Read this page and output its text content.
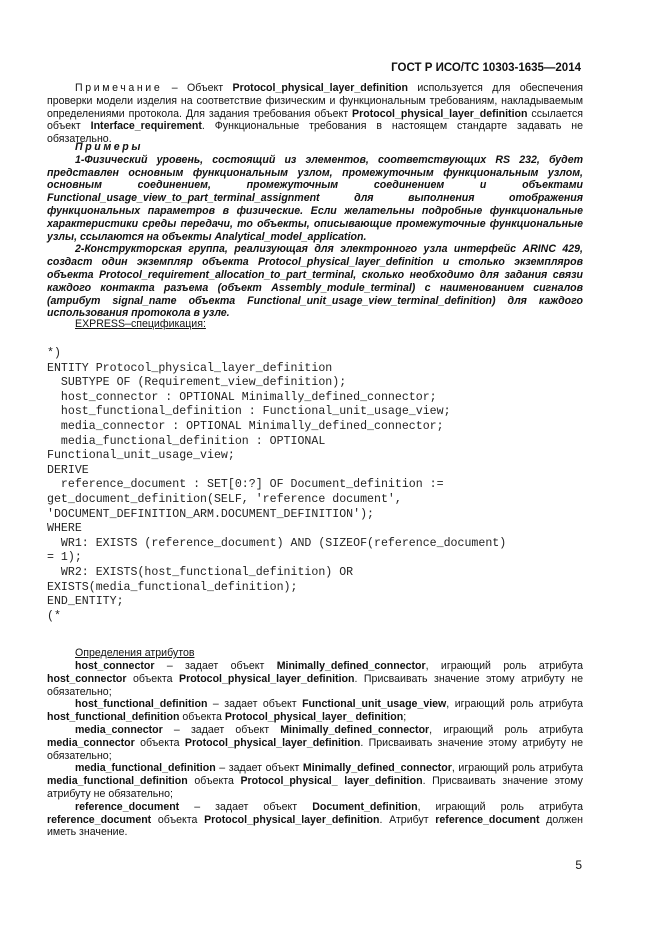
ГОСТ Р ИСО/ТС 10303-1635—2014
Примечание – Объект Protocol_physical_layer_definition используется для обеспечения проверки модели изделия на соответствие физическим и функциональным требованиям, накладываемым определениями протокола. Для задания требования объект Protocol_physical_layer_definition ссылается объект Interface_requirement. Функциональные требования в настоящем стандарте задавать не обязательно.

Примеры

1-Физический уровень, состоящий из элементов, соответствующих RS 232, будет представлен основным функциональным узлом, промежуточным функциональным узлом, основным соединением, промежуточным соединением и объектами Functional_usage_view_to_part_terminal_assignment для выполнения отображения функциональных параметров в физические. Если желательны подробные функциональные характеристики среды передачи, то объекты, описывающие промежуточные функциональные узлы, ссылаются на объекты Analytical_model_application.

2-Конструкторская группа, реализующая для электронного узла интерфейс ARINC 429, создаст один экземпляр объекта Protocol_physical_layer_definition и столько экземпляров объекта Protocol_requirement_allocation_to_part_terminal, сколько необходимо для задания связи каждого контакта разъема (объект Assembly_module_terminal) с наименованием сигналов (атрибут signal_name объекта Functional_unit_usage_view_terminal_definition) для каждого использования протокола в узле.

EXPRESS–спецификация:
*)
ENTITY Protocol_physical_layer_definition
SUBTYPE OF (Requirement_view_definition);
host_connector : OPTIONAL Minimally_defined_connector;
host_functional_definition : Functional_unit_usage_view;
media_connector : OPTIONAL Minimally_defined_connector;
media_functional_definition : OPTIONAL
Functional_unit_usage_view;
DERIVE
reference_document : SET[0:?] OF Document_definition :=
get_document_definition(SELF, 'reference document',
'DOCUMENT_DEFINITION_ARM.DOCUMENT_DEFINITION');
WHERE
WR1: EXISTS (reference_document) AND (SIZEOF(reference_document)
= 1);
WR2: EXISTS(host_functional_definition) OR
EXISTS(media_functional_definition);
END_ENTITY;
(*
Определения атрибутов

host_connector – задает объект Minimally_defined_connector, играющий роль атрибута host_connector объекта Protocol_physical_layer_definition. Присваивать значение этому атрибуту не обязательно;

host_functional_definition – задает объект Functional_unit_usage_view, играющий роль атрибута host_functional_definition объекта Protocol_physical_layer_ definition;

media_connector – задает объект Minimally_defined_connector, играющий роль атрибута media_connector объекта Protocol_physical_layer_definition. Присваивать значение этому атрибуту не обязательно;

media_functional_definition – задает объект Minimally_defined_connector, играющий роль атрибута media_functional_definition объекта Protocol_physical_ layer_definition. Присваивать значение этому атрибуту не обязательно;

reference_document – задает объект Document_definition, играющий роль атрибута reference_document объекта Protocol_physical_layer_definition. Атрибут reference_document должен иметь значение.

5
